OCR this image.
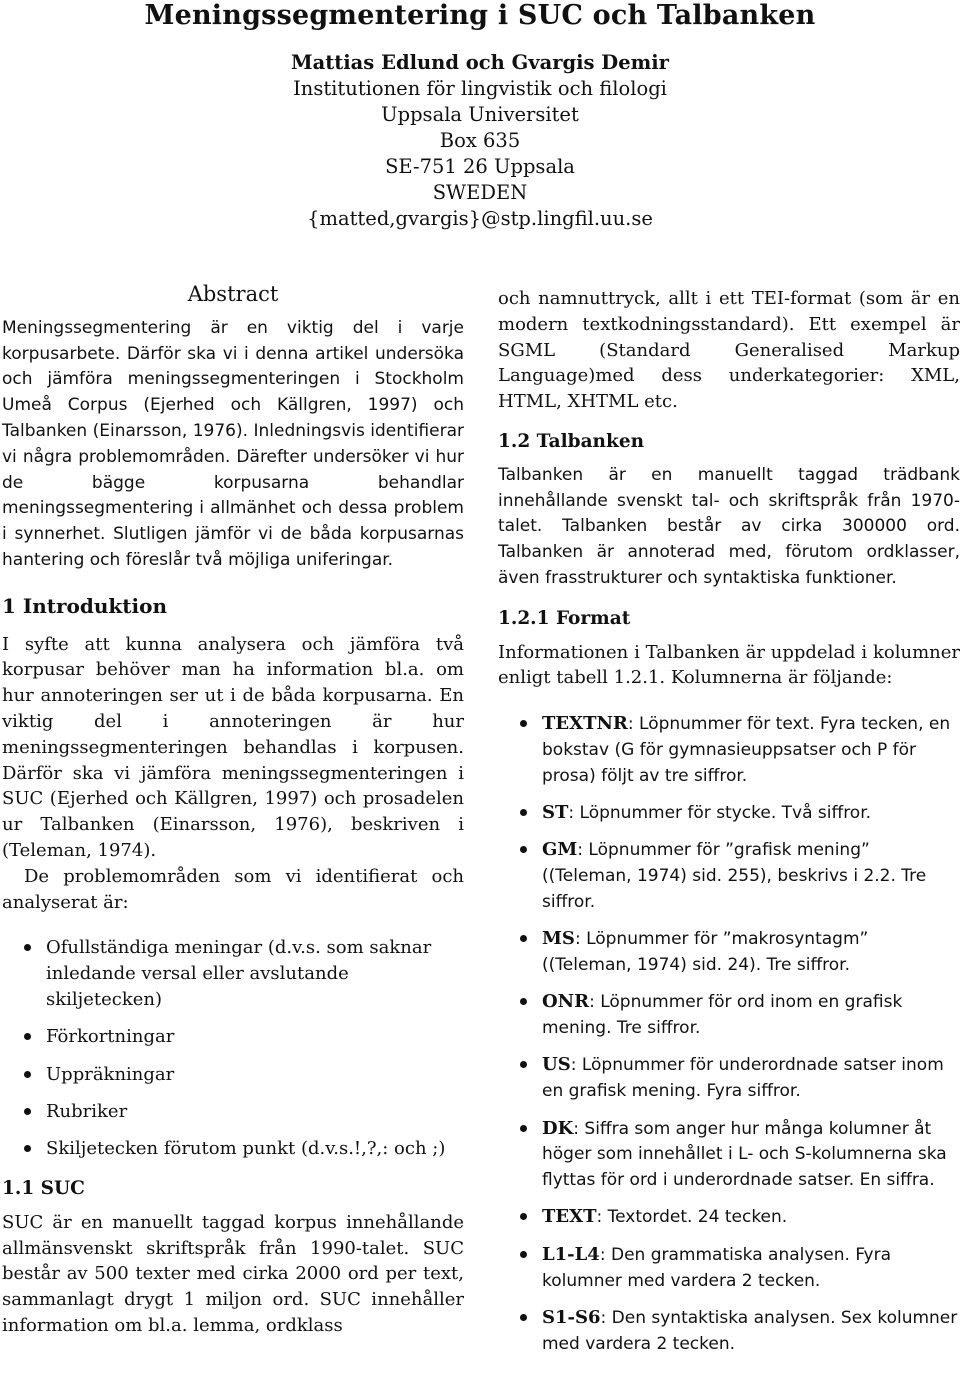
Meningssegmentering i SUC och Talbanken
Mattias Edlund och Gvargis Demir
Institutionen för lingvistik och filologi
Uppsala Universitet
Box 635
SE-751 26 Uppsala
SWEDEN
{matted,gvargis}@stp.lingfil.uu.se
Abstract

Meningssegmentering är en viktig del i varje korpusarbete. Därför ska vi i denna artikel undersöka och jämföra meningssegmenteringen i Stockholm Umeå Corpus (Ejerhed och Källgren, 1997) och Talbanken (Einarsson, 1976). Inledningsvis identifierar vi några problemområden. Därefter undersöker vi hur de bägge korpusarna behandlar meningssegmentering i allmänhet och dessa problem i synnerhet. Slutligen jämför vi de båda korpusarnas hantering och föreslår två möjliga uniferingar.

1 Introduktion

I syfte att kunna analysera och jämföra två korpusar behöver man ha information bl.a. om hur annoteringen ser ut i de båda korpusarna. En viktig del i annoteringen är hur meningssegmenteringen behandlas i korpusen. Därför ska vi jämföra meningssegmenteringen i SUC (Ejerhed och Källgren, 1997) och prosadelen ur Talbanken (Einarsson, 1976), beskriven i (Teleman, 1974).

De problemområden som vi identifierat och analyserat är:

Ofullständiga meningar (d.v.s. som saknar inledande versal eller avslutande skiljetecken)
Förkortningar
Uppräkningar
Rubriker
Skiljetecken förutom punkt (d.v.s.!,?,: och ;)
1.1 SUC

SUC är en manuellt taggad korpus innehållande allmänsvenskt skriftspråk från 1990-talet. SUC består av 500 texter med cirka 2000 ord per text, sammanlagt drygt 1 miljon ord. SUC innehåller information om bl.a. lemma, ordklass

och namnuttryck, allt i ett TEI-format (som är en modern textkodningsstandard). Ett exempel är SGML (Standard Generalised Markup Language)med dess underkategorier: XML, HTML, XHTML etc.

1.2 Talbanken

Talbanken är en manuellt taggad trädbank innehållande svenskt tal- och skriftspråk från 1970-talet. Talbanken består av cirka 300000 ord. Talbanken är annoterad med, förutom ordklasser, även frasstrukturer och syntaktiska funktioner.

1.2.1 Format

Informationen i Talbanken är uppdelad i kolumner enligt tabell 1.2.1. Kolumnerna är följande:

TEXTNR: Löpnummer för text. Fyra tecken, en bokstav (G för gymnasieuppsatser och P för prosa) följt av tre siffror.
ST: Löpnummer för stycke. Två siffror.
GM: Löpnummer för ”grafisk mening” ((Teleman, 1974) sid. 255), beskrivs i 2.2. Tre siffror.
MS: Löpnummer för ”makrosyntagm” ((Teleman, 1974) sid. 24). Tre siffror.
ONR: Löpnummer för ord inom en grafisk mening. Tre siffror.
US: Löpnummer för underordnade satser inom en grafisk mening. Fyra siffror.
DK: Siffra som anger hur många kolumner åt höger som innehållet i L- och S-kolumnerna ska flyttas för ord i underordnade satser. En siffra.
TEXT: Textordet. 24 tecken.
L1-L4: Den grammatiska analysen. Fyra kolumner med vardera 2 tecken.
S1-S6: Den syntaktiska analysen. Sex kolumner med vardera 2 tecken.
